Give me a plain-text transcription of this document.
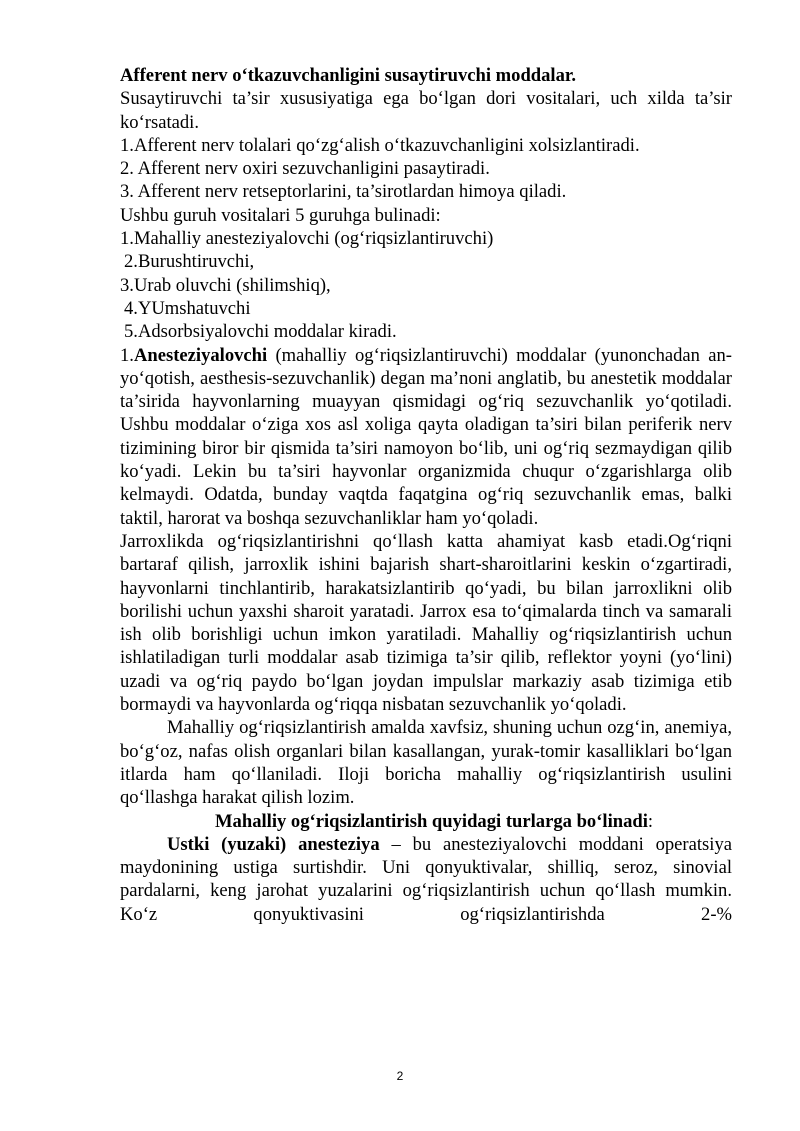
Afferent nerv o‘tkazuvchanligini susaytiruvchi moddalar.

Susaytiruvchi ta’sir xususiyatiga ega bo‘lgan dori vositalari, uch xilda ta’sir ko‘rsatadi.

1.Afferent nerv tolalari qo‘zg‘alish o‘tkazuvchanligini xolsizlantiradi.

2. Afferent nerv oxiri sezuvchanligini pasaytiradi.

3. Afferent nerv retseptorlarini, ta’sirotlardan himoya qiladi.

Ushbu guruh vositalari 5 guruhga bulinadi:

1.Mahalliy anesteziyalovchi (og‘riqsizlantiruvchi)

2.Burushtiruvchi,

3.Urab oluvchi (shilimshiq),

4.YUmshatuvchi

5.Adsorbsiyalovchi moddalar kiradi.

1.Anesteziyalovchi (mahalliy og‘riqsizlantiruvchi) moddalar (yunonchadan an- yo‘qotish, aesthesis-sezuvchanlik) degan ma’noni anglatib, bu anestetik moddalar ta’sirida hayvonlarning muayyan qismidagi og‘riq sezuvchanlik yo‘qotiladi. Ushbu moddalar o‘ziga xos asl xoliga qayta oladigan ta’siri bilan periferik nerv tizimining biror bir qismida ta’siri namoyon bo‘lib, uni og‘riq sezmaydigan qilib ko‘yadi. Lekin bu ta’siri hayvonlar organizmida chuqur o‘zgarishlarga olib kelmaydi. Odatda, bunday vaqtda faqatgina og‘riq sezuvchanlik emas, balki taktil, harorat va boshqa sezuvchanliklar ham yo‘qoladi.

Jarroxlikda og‘riqsizlantirishni qo‘llash katta ahamiyat kasb etadi.Og‘riqni bartaraf qilish, jarroxlik ishini bajarish shart-sharoitlarini keskin o‘zgartiradi, hayvonlarni tinchlantirib, harakatsizlantirib qo‘yadi, bu bilan jarroxlikni olib borilishi uchun yaxshi sharoit yaratadi. Jarrox esa to‘qimalarda tinch va samarali ish olib borishligi uchun imkon yaratiladi. Mahalliy og‘riqsizlantirish uchun ishlatiladigan turli moddalar asab tizimiga ta’sir qilib, reflektor yoyni (yo‘lini) uzadi va og‘riq paydo bo‘lgan joydan impulslar markaziy asab tizimiga etib bormaydi va hayvonlarda og‘riqqa nisbatan sezuvchanlik yo‘qoladi.

Mahalliy og‘riqsizlantirish amalda xavfsiz, shuning uchun ozg‘in, anemiya, bo‘g‘oz, nafas olish organlari bilan kasallangan, yurak-tomir kasalliklari bo‘lgan itlarda ham qo‘llaniladi. Iloji boricha mahalliy og‘riqsizlantirish usulini qo‘llashga harakat qilish lozim.

Mahalliy og‘riqsizlantirish quyidagi turlarga bo‘linadi:

Ustki (yuzaki) anesteziya – bu anesteziyalovchi moddani operatsiya maydonining ustiga surtishdir. Uni qonyuktivalar, shilliq, seroz, sinovial pardalarni, keng jarohat yuzalarini og‘riqsizlantirish uchun qo‘llash mumkin. Ko‘z qonyuktivasini og‘riqsizlantirishda 2-%

2
